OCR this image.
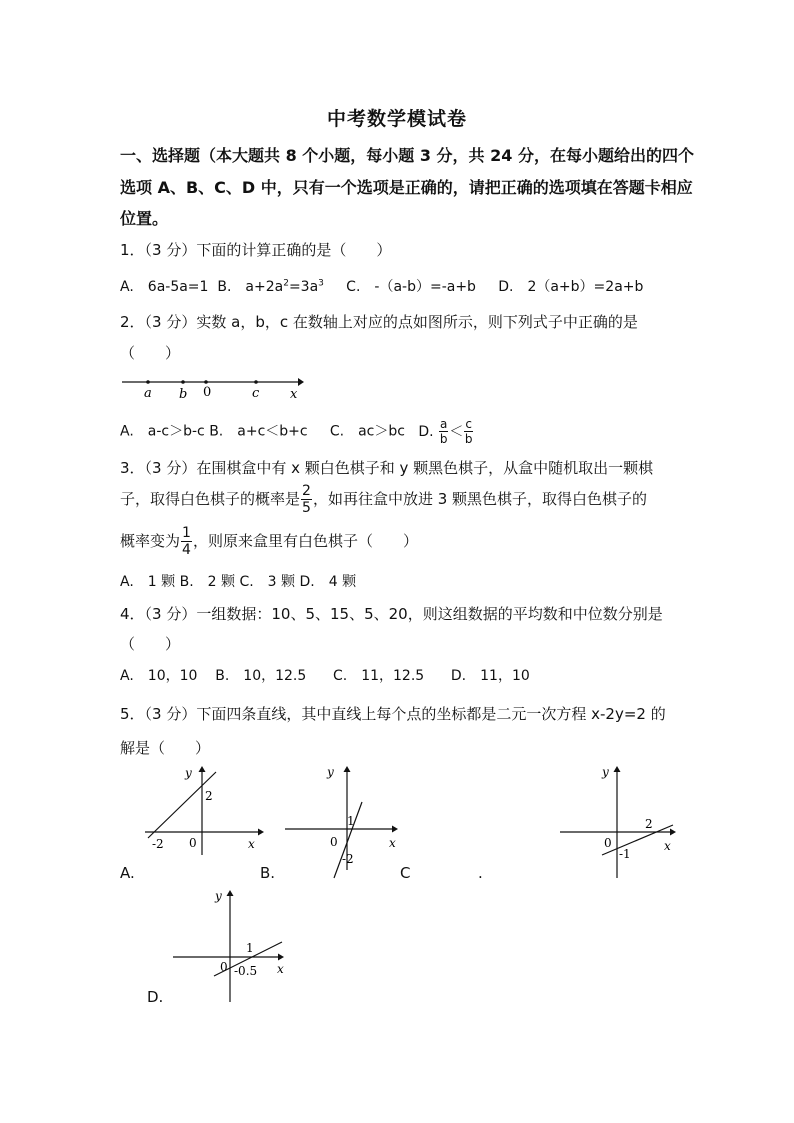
中考数学模试卷
一、选择题（本大题共 8 个小题，每小题 3 分，共 24 分，在每小题给出的四个
选项 A、B、C、D 中，只有一个选项是正确的，请把正确的选项填在答题卡相应
位置。
1．（3 分）下面的计算正确的是（　　）
A.　6a-5a=1 B.　$a+2a^2=3a^3$ C.　-（a-b）=-a+b D.　2（a+b）=2a+b
2．（3 分）实数 a，b，c 在数轴上对应的点如图所示，则下列式子中正确的是
（　　）
a b 0	c x
A.　a-c＞b-c B.　a+c＜b+c C.　ac＞bc D. $\frac{a}{b} < \frac{c}{b}$
3．（3 分）在围棋盒中有 x 颗白色棋子和 y 颗黑色棋子，从盒中随机取出一颗棋
子，取得白色棋子的概率是 $\frac{2}{5}$ ，如再往盒中放进 3 颗黑色棋子，取得白色棋子的
概率变为 $\frac{1}{4}$ ，则原来盒里有白色棋子（　　）
A.　1 颗 B.　2 颗 C.　3 颗 D.　4 颗
4．（3 分）一组数据：10、5、15、5、20，则这组数据的平均数和中位数分别是
（　　）
A.　10，10 B.　10，12.5 C.　11，12.5 D.　11，10
5．（3 分）下面四条直线，其中直线上每个点的坐标都是二元一次方程 x-2y=2 的
解是（　　）
y
x
2
-2 0
y
x
1
-2
0
y
x
2
-1
0
A.	B.	C	.
y
x
1
-0.5
0
D.
